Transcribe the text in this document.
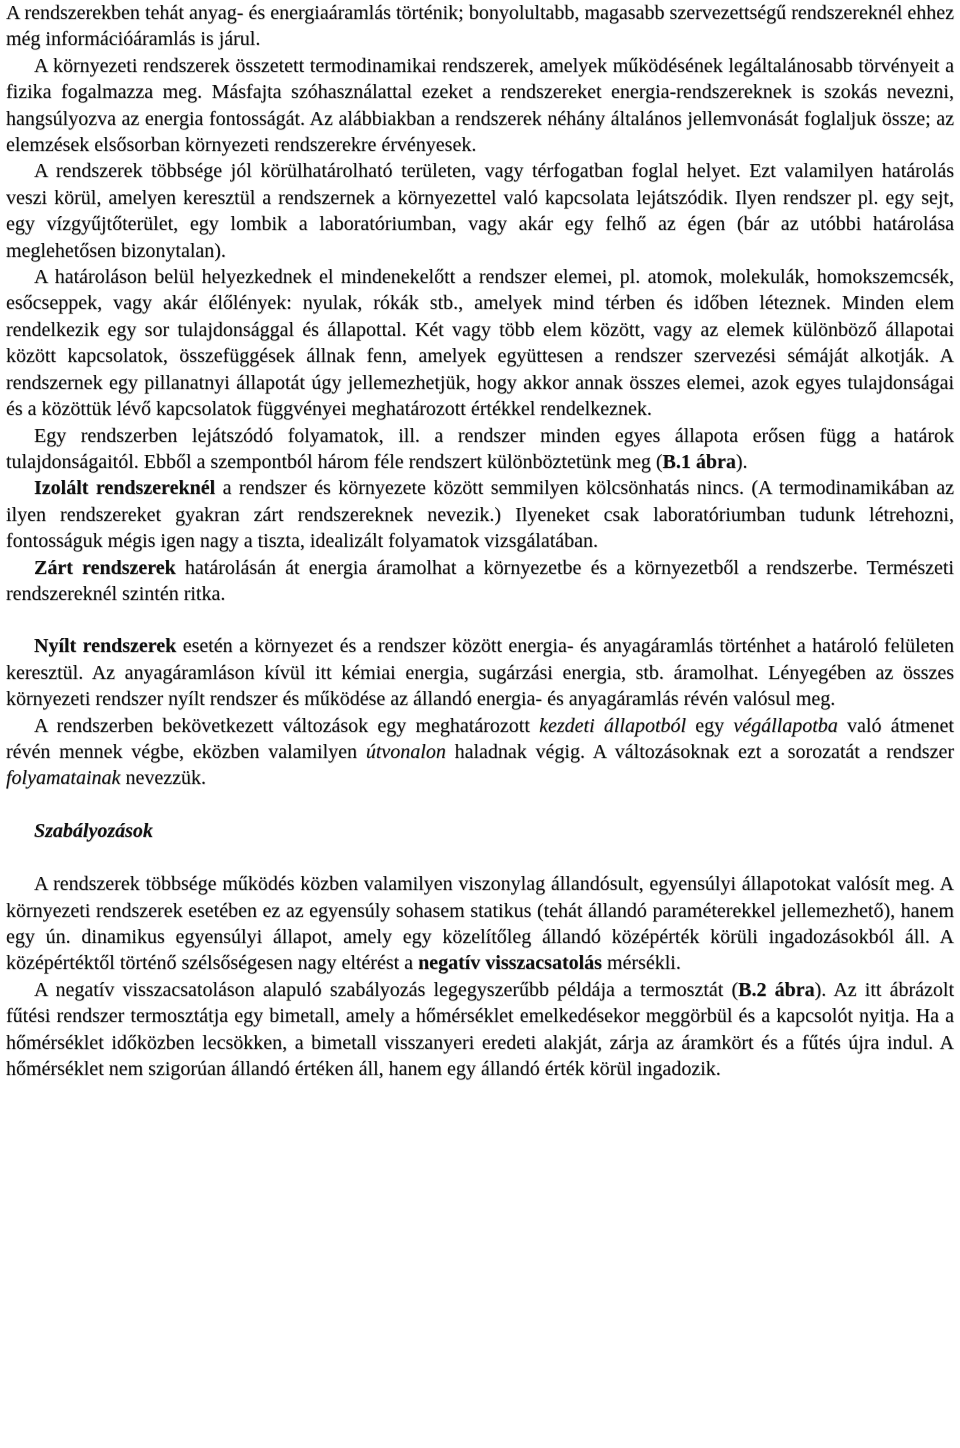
A rendszerekben tehát anyag- és energiaáramlás történik; bonyolultabb, magasabb szervezettségű rendszereknél ehhez még információáramlás is járul.

A környezeti rendszerek összetett termodinamikai rendszerek, amelyek működésének legáltalánosabb törvényeit a fizika fogalmazza meg. Másfajta szóhasználattal ezeket a rendszereket energia-rendszereknek is szokás nevezni, hangsúlyozva az energia fontosságát. Az alábbiakban a rendszerek néhány általános jellemvonását foglaljuk össze; az elemzések elsősorban környezeti rendszerekre érvényesek.

A rendszerek többsége jól körülhatárolható területen, vagy térfogatban foglal helyet. Ezt valamilyen határolás veszi körül, amelyen keresztül a rendszernek a környezettel való kapcsolata lejátszódik. Ilyen rendszer pl. egy sejt, egy vízgyűjtőterület, egy lombik a laboratóriumban, vagy akár egy felhő az égen (bár az utóbbi határolása meglehetősen bizonytalan).

A határoláson belül helyezkednek el mindenekelőtt a rendszer elemei, pl. atomok, molekulák, homokszemcsék, esőcseppek, vagy akár élőlények: nyulak, rókák stb., amelyek mind térben és időben léteznek. Minden elem rendelkezik egy sor tulajdonsággal és állapottal. Két vagy több elem között, vagy az elemek különböző állapotai között kapcsolatok, összefüggések állnak fenn, amelyek együttesen a rendszer szervezési sémáját alkotják. A rendszernek egy pillanatnyi állapotát úgy jellemezhetjük, hogy akkor annak összes elemei, azok egyes tulajdonságai és a közöttük lévő kapcsolatok függvényei meghatározott értékkel rendelkeznek.

Egy rendszerben lejátszódó folyamatok, ill. a rendszer minden egyes állapota erősen függ a határok tulajdonságaitól. Ebből a szempontból három féle rendszert különböztetünk meg (B.1 ábra).

Izolált rendszereknél a rendszer és környezete között semmilyen kölcsönhatás nincs. (A termodinamikában az ilyen rendszereket gyakran zárt rendszereknek nevezik.) Ilyeneket csak laboratóriumban tudunk létrehozni, fontosságuk mégis igen nagy a tiszta, idealizált folyamatok vizsgálatában.

Zárt rendszerek határolásán át energia áramolhat a környezetbe és a környezetből a rendszerbe. Természeti rendszereknél szintén ritka.

Nyílt rendszerek esetén a környezet és a rendszer között energia- és anyagáramlás történhet a határoló felületen keresztül. Az anyagáramláson kívül itt kémiai energia, sugárzási energia, stb. áramolhat. Lényegében az összes környezeti rendszer nyílt rendszer és működése az állandó energia- és anyagáramlás révén valósul meg.

A rendszerben bekövetkezett változások egy meghatározott kezdeti állapotból egy végállapotba való átmenet révén mennek végbe, eközben valamilyen útvonalon haladnak végig. A változásoknak ezt a sorozatát a rendszer folyamatainak nevezzük.

Szabályozások

A rendszerek többsége működés közben valamilyen viszonylag állandósult, egyensúlyi állapotokat valósít meg. A környezeti rendszerek esetében ez az egyensúly sohasem statikus (tehát állandó paraméterekkel jellemezhető), hanem egy ún. dinamikus egyensúlyi állapot, amely egy közelítőleg állandó középérték körüli ingadozásokból áll. A középértéktől történő szélsőségesen nagy eltérést a negatív visszacsatolás mérsékli.

A negatív visszacsatoláson alapuló szabályozás legegyszerűbb példája a termosztát (B.2 ábra). Az itt ábrázolt fűtési rendszer termosztátja egy bimetall, amely a hőmérséklet emelkedésekor meggörbül és a kapcsolót nyitja. Ha a hőmérséklet időközben lecsökken, a bimetall visszanyeri eredeti alakját, zárja az áramkört és a fűtés újra indul. A hőmérséklet nem szigorúan állandó értéken áll, hanem egy állandó érték körül ingadozik.
